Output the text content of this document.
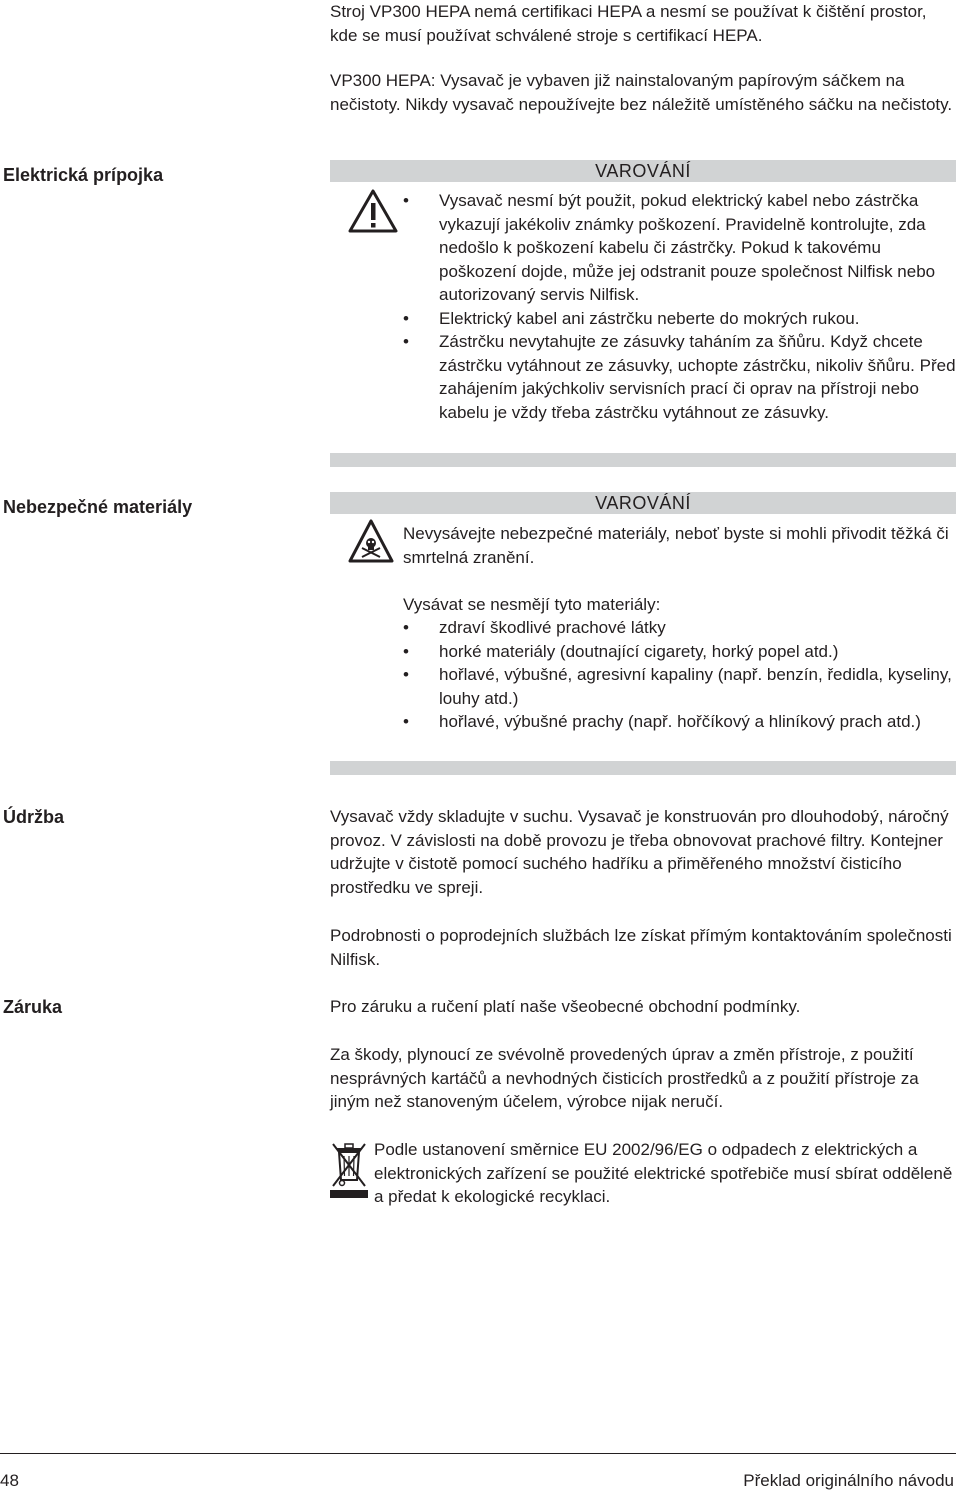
Stroj VP300 HEPA nemá certifikaci HEPA a nesmí se používat k čištění prostor, kde se musí používat schválené stroje s certifikací HEPA.

VP300 HEPA: Vysavač je vybaven již nainstalovaným papírovým sáčkem na nečistoty. Nikdy vysavač nepoužívejte bez náležitě umístěného sáčku na nečistoty.

Elektrická prípojka	VAROVÁNÍ
• Vysavač nesmí být použit, pokud elektrický kabel nebo zástrčka vykazují jakékoliv známky poškození. Pravidelně kontrolujte, zda nedošlo k poškození kabelu či zástrčky. Pokud k takovému poškození dojde, může jej odstranit pouze společnost Nilfisk nebo autorizovaný servis Nilfisk.
• Elektrický kabel ani zástrčku neberte do mokrých rukou.
• Zástrčku nevytahujte ze zásuvky taháním za šňůru. Když chcete zástrčku vytáhnout ze zásuvky, uchopte zástrčku, nikoliv šňůru. Před zahájením jakýchkoliv servisních prací či oprav na přístroji nebo kabelu je vždy třeba zástrčku vytáhnout ze zásuvky.
Nebezpečné materiály	VAROVÁNÍ

Nevysávejte nebezpečné materiály, neboť byste si mohli přivodit těžká či smrtelná zranění.

Vysávat se nesmějí tyto materiály:

• zdraví škodlivé prachové látky
• horké materiály (doutnající cigarety, horký popel atd.)
• hořlavé, výbušné, agresivní kapaliny (např. benzín, ředidla, kyseliny, louhy atd.)
• hořlavé, výbušné prachy (např. hořčíkový a hliníkový prach atd.)
Údržba	Vysavač vždy skladujte v suchu. Vysavač je konstruován pro dlouhodobý, náročný provoz. V závislosti na době provozu je třeba obnovovat prachové filtry. Kontejner udržujte v čistotě pomocí suchého hadříku a přiměřeného množství čisticího prostředku ve spreji.

Podrobnosti o poprodejních službách lze získat přímým kontaktováním společnosti Nilfisk.

Záruka	Pro záruku a ručení platí naše všeobecné obchodní podmínky.

Za škody, plynoucí ze svévolně provedených úprav a změn přístroje, z použití nesprávných kartáčů a nevhodných čisticích prostředků a z použití přístroje za jiným než stanoveným účelem, výrobce nijak neručí.

Podle ustanovení směrnice EU 2002/96/EG o odpadech z elektrických a elektronických zařízení se použité elektrické spotřebiče musí sbírat odděleně a předat k ekologické recyklaci.

48	Překlad originálního návodu
